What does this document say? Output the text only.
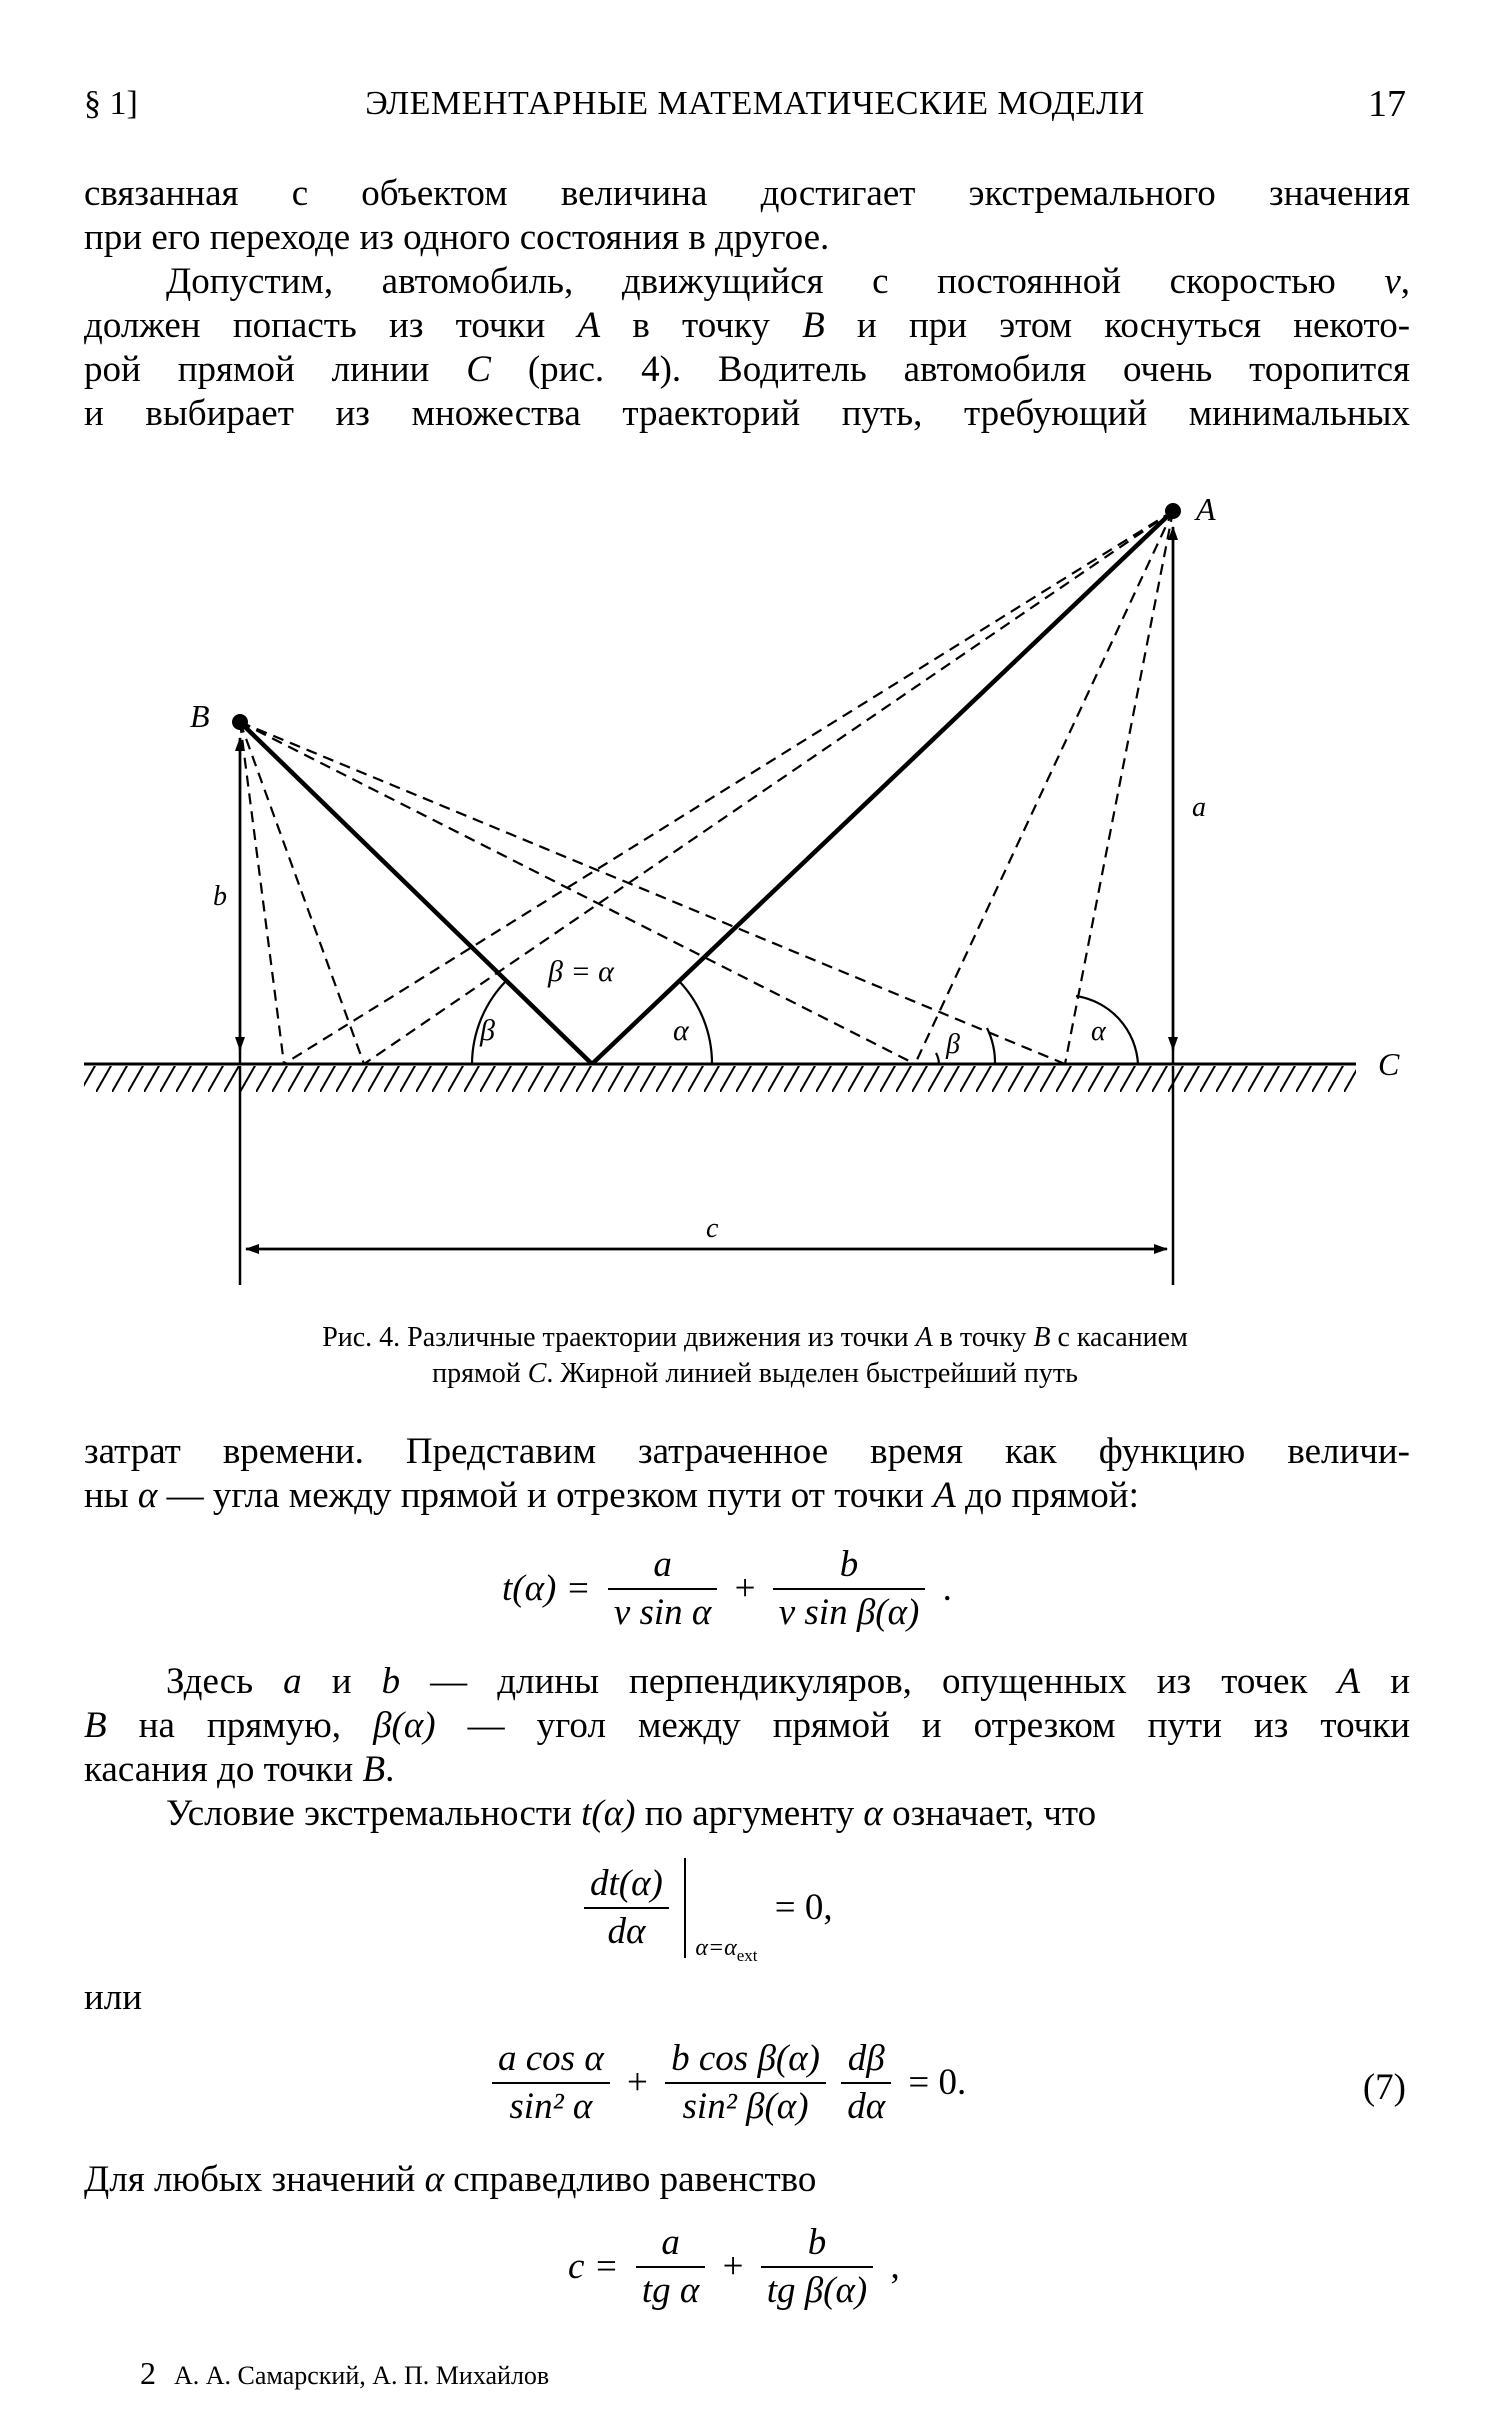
§ 1]	ЭЛЕМЕНТАРНЫЕ МАТЕМАТИЧЕСКИЕ МОДЕЛИ	17

связанная с объектом величина достигает экстремального значения

при его переходе из одного состояния в другое.

Допустим, автомобиль, движущийся с постоянной скоростью v,

должен попасть из точки A в точку B и при этом коснуться некото-

рой прямой линии C (рис. 4). Водитель автомобиля очень торопится

и выбирает из множества траекторий путь, требующий минимальных

A
B
C
a
b
c
β	α	β	α
β = α
Рис. 4. Различные траектории движения из точки A в точку B с касанием
прямой C. Жирной линией выделен быстрейший путь

затрат времени. Представим затраченное время как функцию величи-

ны α — угла между прямой и отрезком пути от точки A до прямой:

$t(\alpha) = \frac{a}{\text{v sin α}} + \frac{b}{\text{v sin β(α)}}$ .

Здесь a и b — длины перпендикуляров, опущенных из точек A и

B на прямую, β(α) — угол между прямой и отрезком пути из точки

касания до точки B.

Условие экстремальности t(α) по аргументу α означает, что

$\frac{dt(\alpha)}{d\alpha} \alpha=\alpha_{ext} = 0$,
или
$\frac{\text{a cos α}}{\text{sin² α}} + \frac{\text{b cos β(α)}}{\text{sin² β(α)}}$
$\frac{d\beta}{d\alpha} = 0$.	(7)

Для любых значений α справедливо равенство

$c = \frac{a}{\text{tg α}} + \frac{b}{\text{tg β(α)}}$ ,
2 А. А. Самарский, А. П. Михайлов
